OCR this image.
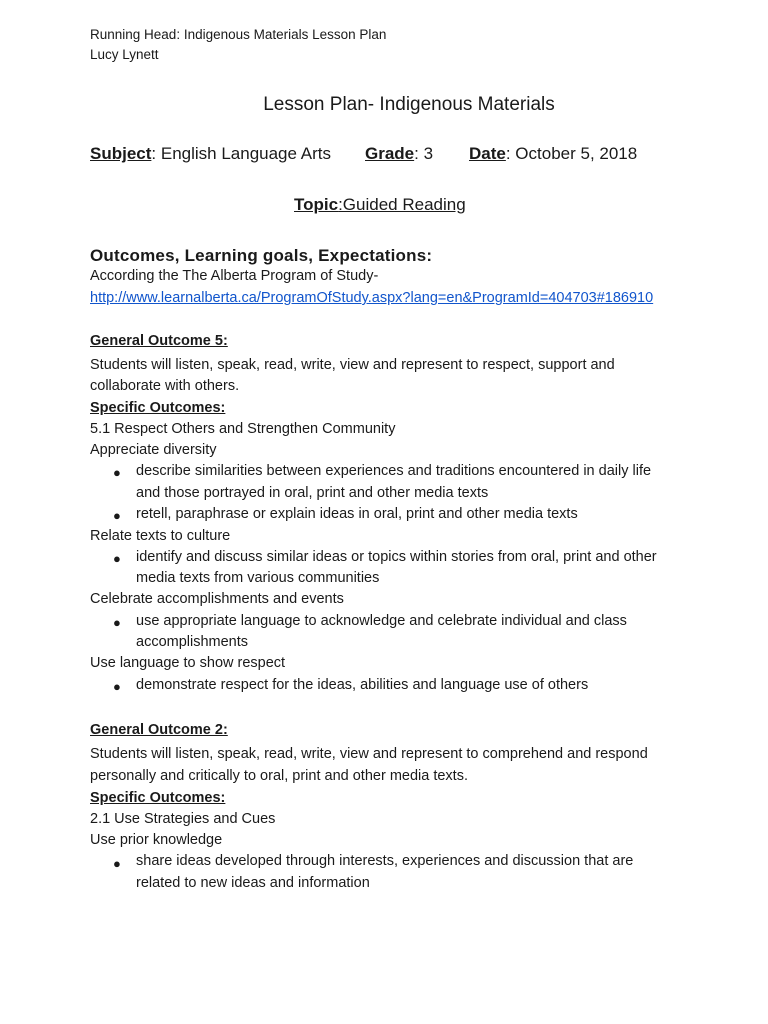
Running Head: Indigenous Materials Lesson Plan
Lucy Lynett
Lesson Plan- Indigenous Materials
Subject: English Language Arts Grade: 3 Date: October 5, 2018
Topic:Guided Reading
Outcomes, Learning goals, Expectations:
According the The Alberta Program of Study-
http://www.learnalberta.ca/ProgramOfStudy.aspx?lang=en&ProgramId=404703#186910
General Outcome 5:
Students will listen, speak, read, write, view and represent to respect, support and
collaborate with others.
Specific Outcomes:
5.1 Respect Others and Strengthen Community
Appreciate diversity
● describe similarities between experiences and traditions encountered in daily life
and those portrayed in oral, print and other media texts
● retell, paraphrase or explain ideas in oral, print and other media texts
Relate texts to culture
● identify and discuss similar ideas or topics within stories from oral, print and other
media texts from various communities
Celebrate accomplishments and events
● use appropriate language to acknowledge and celebrate individual and class
accomplishments
Use language to show respect
● demonstrate respect for the ideas, abilities and language use of others
General Outcome 2:
Students will listen, speak, read, write, view and represent to comprehend and respond
personally and critically to oral, print and other media texts.
Specific Outcomes:
2.1 Use Strategies and Cues
Use prior knowledge
● share ideas developed through interests, experiences and discussion that are
related to new ideas and information
